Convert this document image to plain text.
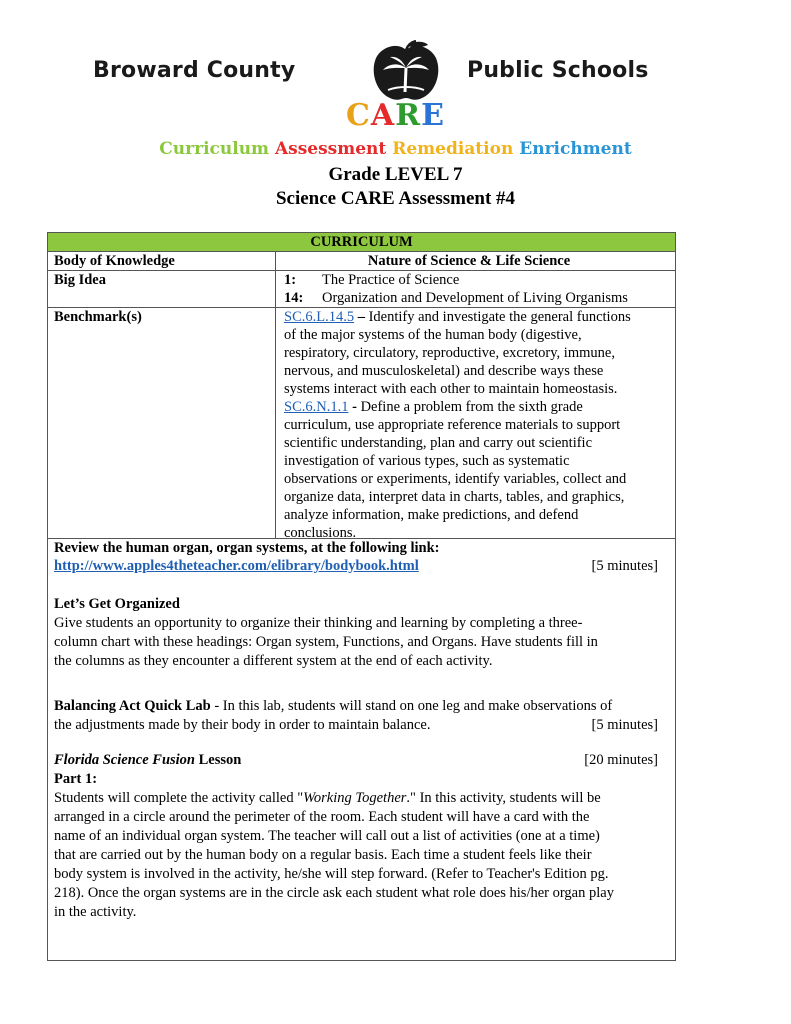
Broward County	Public Schools
CARE
Curriculum Assessment Remediation Enrichment
Grade LEVEL 7
Science CARE Assessment #4
CURRICULUM
Body of Knowledge	Nature of Science & Life Science
Big Idea	1: The Practice of Science
14: Organization and Development of Living Organisms
Benchmark(s)	SC.6.L.14.5 – Identify and investigate the general functions
of the major systems of the human body (digestive,
respiratory, circulatory, reproductive, excretory, immune,
nervous, and musculoskeletal) and describe ways these
systems interact with each other to maintain homeostasis.
SC.6.N.1.1 - Define a problem from the sixth grade
curriculum, use appropriate reference materials to support
scientific understanding, plan and carry out scientific
investigation of various types, such as systematic
observations or experiments, identify variables, collect and
organize data, interpret data in charts, tables, and graphics,
analyze information, make predictions, and defend
conclusions.
Review the human organ, organ systems, at the following link:
http://www.apples4theteacher.com/elibrary/bodybook.html	[5 minutes]
Let’s Get Organized
Give students an opportunity to organize their thinking and learning by completing a three-
column chart with these headings: Organ system, Functions, and Organs. Have students fill in
the columns as they encounter a different system at the end of each activity.
Balancing Act Quick Lab - In this lab, students will stand on one leg and make observations of
the adjustments made by their body in order to maintain balance.	[5 minutes]
Florida Science Fusion Lesson	[20 minutes]
Part 1:
Students will complete the activity called "Working Together." In this activity, students will be
arranged in a circle around the perimeter of the room. Each student will have a card with the
name of an individual organ system. The teacher will call out a list of activities (one at a time)
that are carried out by the human body on a regular basis. Each time a student feels like their
body system is involved in the activity, he/she will step forward. (Refer to Teacher's Edition pg.
218). Once the organ systems are in the circle ask each student what role does his/her organ play
in the activity.
